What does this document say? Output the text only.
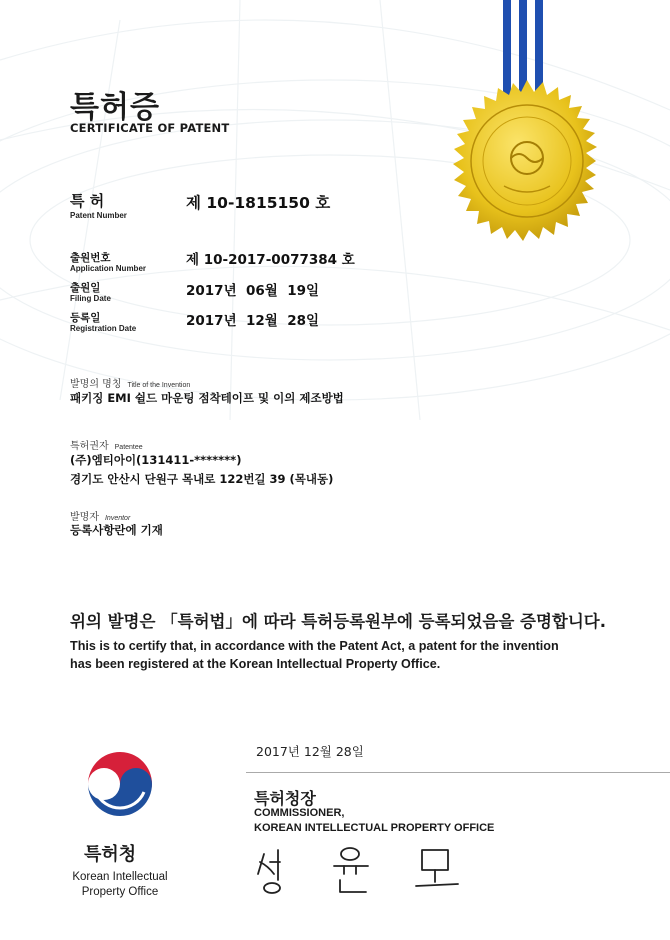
특허증
CERTIFICATE OF PATENT
특 허
Patent Number
제 10-1815150 호
출원번호
Application Number
제 10-2017-0077384 호
출원일
Filing Date	2017년  06월  19일
등록일
Registration Date	2017년  12월  28일
발명의 명칭 Title of the Invention
패키징 EMI 쉴드 마운팅 점착테이프 및 이의 제조방법
특허권자 Patentee
(주)엠티아이(131411-*******)
경기도 안산시 단원구 목내로 122번길 39 (목내동)
발명자 Inventor
등록사항란에 기재
위의 발명은 「특허법」에 따라 특허등록원부에 등록되었음을 증명합니다.
This is to certify that, in accordance with the Patent Act, a patent for the invention
has been registered at the Korean Intellectual Property Office.
2017년 12월 28일
특허청장
COMMISSIONER,
KOREAN INTELLECTUAL PROPERTY OFFICE
특허청
Korean Intellectual
Property Office
